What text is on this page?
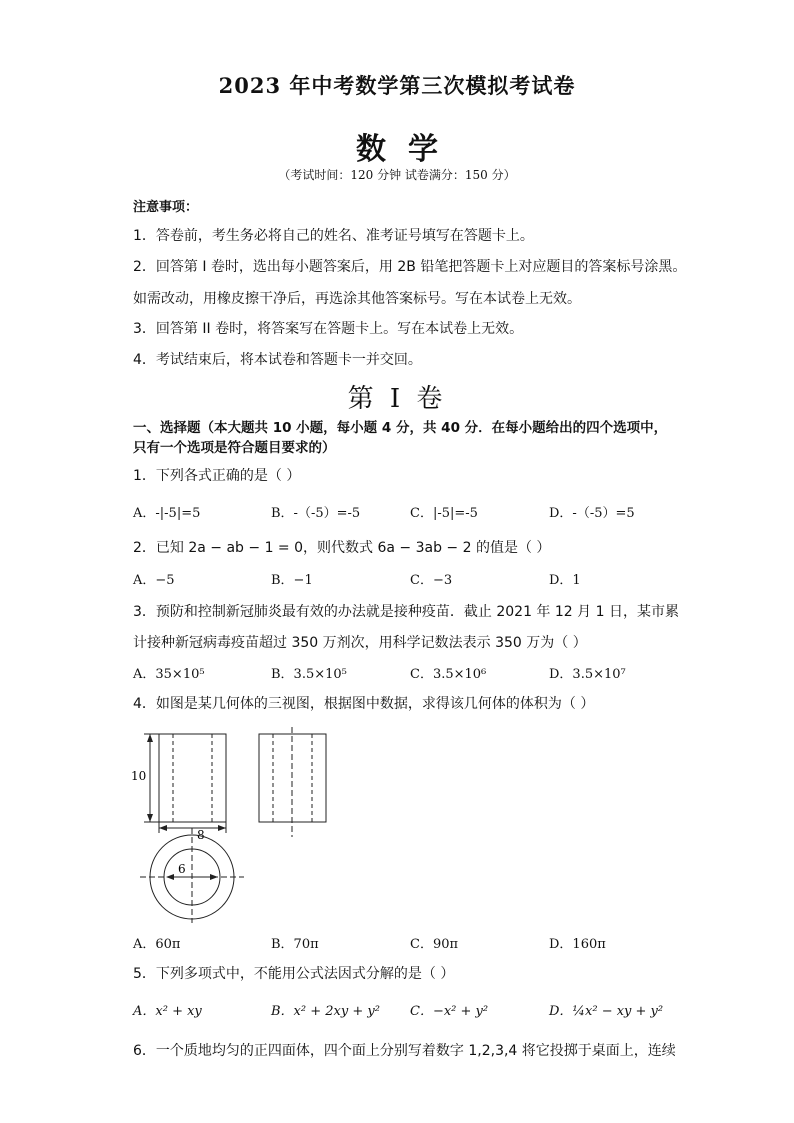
2023 年中考数学第三次模拟考试卷
数学
（考试时间：120 分钟 试卷满分：150 分）
注意事项：
1．答卷前，考生务必将自己的姓名、准考证号填写在答题卡上。
2．回答第 I 卷时，选出每小题答案后，用 2B 铅笔把答题卡上对应题目的答案标号涂黑。
如需改动，用橡皮擦干净后，再选涂其他答案标号。写在本试卷上无效。
3．回答第 II 卷时，将答案写在答题卡上。写在本试卷上无效。
4．考试结束后，将本试卷和答题卡一并交回。
第 I 卷
一、选择题（本大题共 10 小题，每小题 4 分，共 40 分．在每小题给出的四个选项中，
只有一个选项是符合题目要求的）
1．下列各式正确的是（ ）
A．-|-5|=5	B．-（-5）=-5	C．|-5|=-5	D．-（-5）=5
2．已知 2a − ab − 1 = 0，则代数式 6a − 3ab − 2 的值是（ ）
A．−5	B．−1	C．−3	D．1
3．预防和控制新冠肺炎最有效的办法就是接种疫苗．截止 2021 年 12 月 1 日，某市累
计接种新冠病毒疫苗超过 350 万剂次，用科学记数法表示 350 万为（ ）
A．35×10⁵	B．3.5×10⁵	C．3.5×10⁶	D．3.5×10⁷
4．如图是某几何体的三视图，根据图中数据，求得该几何体的体积为（ ）
10
8
6
A．60π	B．70π	C．90π	D．160π
5．下列多项式中，不能用公式法因式分解的是（ ）
A．x² + xy	B．x² + 2xy + y² C．−x² + y²	D．¼x² − xy + y²
6．一个质地均匀的正四面体，四个面上分别写着数字 1,2,3,4 将它投掷于桌面上，连续
